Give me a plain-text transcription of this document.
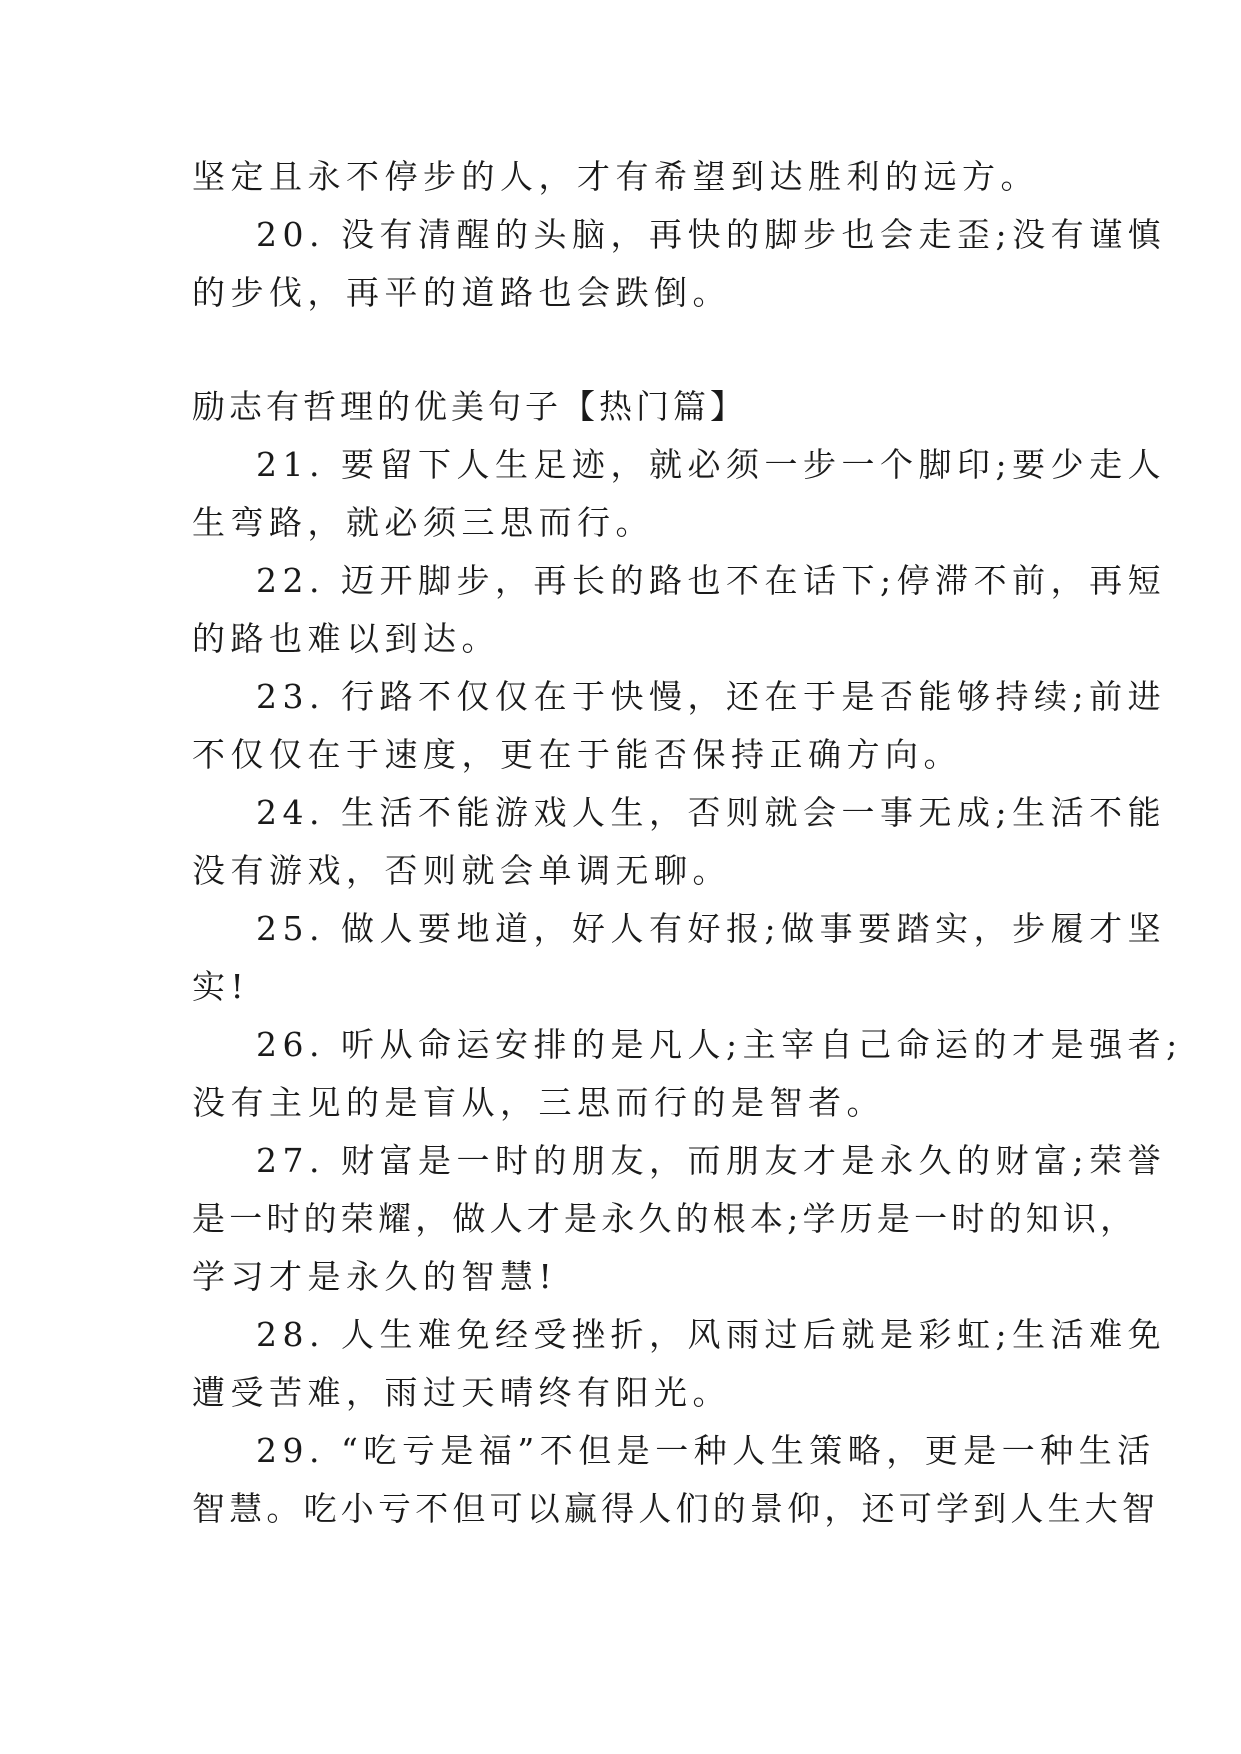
坚定且永不停步的人，才有希望到达胜利的远方。
20. 没有清醒的头脑，再快的脚步也会走歪;没有谨慎
的步伐，再平的道路也会跌倒。
励志有哲理的优美句子【热门篇】
21. 要留下人生足迹，就必须一步一个脚印;要少走人
生弯路，就必须三思而行。
22. 迈开脚步，再长的路也不在话下;停滞不前，再短
的路也难以到达。
23. 行路不仅仅在于快慢，还在于是否能够持续;前进
不仅仅在于速度，更在于能否保持正确方向。
24. 生活不能游戏人生，否则就会一事无成;生活不能
没有游戏，否则就会单调无聊。
25. 做人要地道，好人有好报;做事要踏实，步履才坚
实!
26. 听从命运安排的是凡人;主宰自己命运的才是强者;
没有主见的是盲从，三思而行的是智者。
27. 财富是一时的朋友，而朋友才是永久的财富;荣誉
是一时的荣耀，做人才是永久的根本;学历是一时的知识，
学习才是永久的智慧!
28. 人生难免经受挫折，风雨过后就是彩虹;生活难免
遭受苦难，雨过天晴终有阳光。
29. “吃亏是福”不但是一种人生策略，更是一种生活
智慧。吃小亏不但可以赢得人们的景仰，还可学到人生大智
